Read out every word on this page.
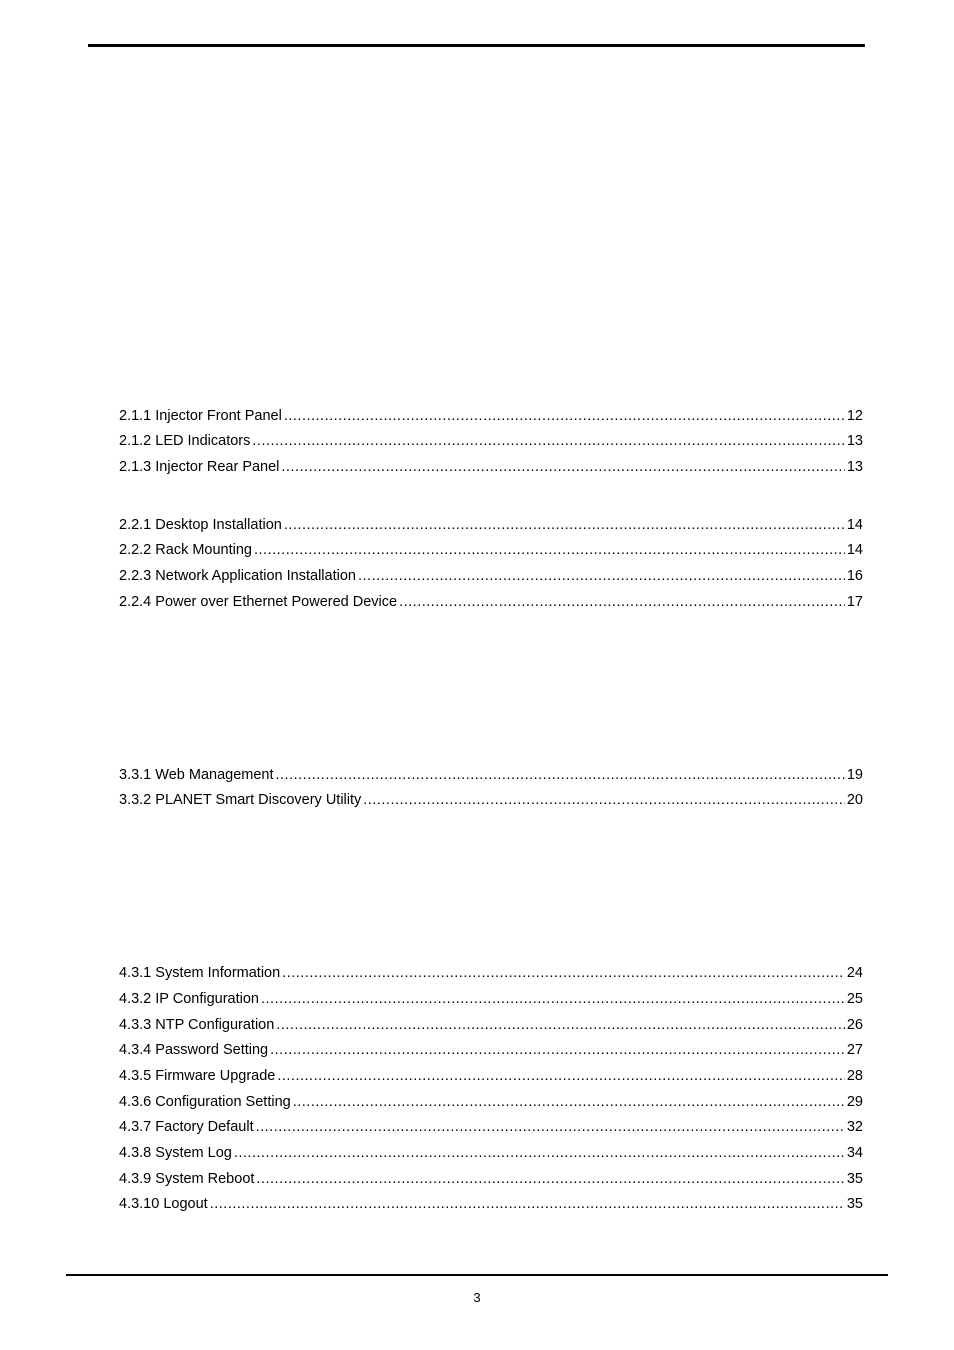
2.1.1 Injector Front Panel .....	12
2.1.2 LED Indicators .....	13
2.1.3 Injector Rear Panel .....	13
2.2.1 Desktop Installation .....	14
2.2.2 Rack Mounting .....	14
2.2.3 Network Application Installation .....	16
2.2.4 Power over Ethernet Powered Device .....	17
3.3.1 Web Management .....	19
3.3.2 PLANET Smart Discovery Utility .....	20
4.3.1 System Information .....	24
4.3.2 IP Configuration .....	25
4.3.3 NTP Configuration .....	26
4.3.4 Password Setting .....	27
4.3.5 Firmware Upgrade .....	28
4.3.6 Configuration Setting .....	29
4.3.7 Factory Default .....	32
4.3.8 System Log .....	34
4.3.9 System Reboot .....	35
4.3.10 Logout .....	35
3
